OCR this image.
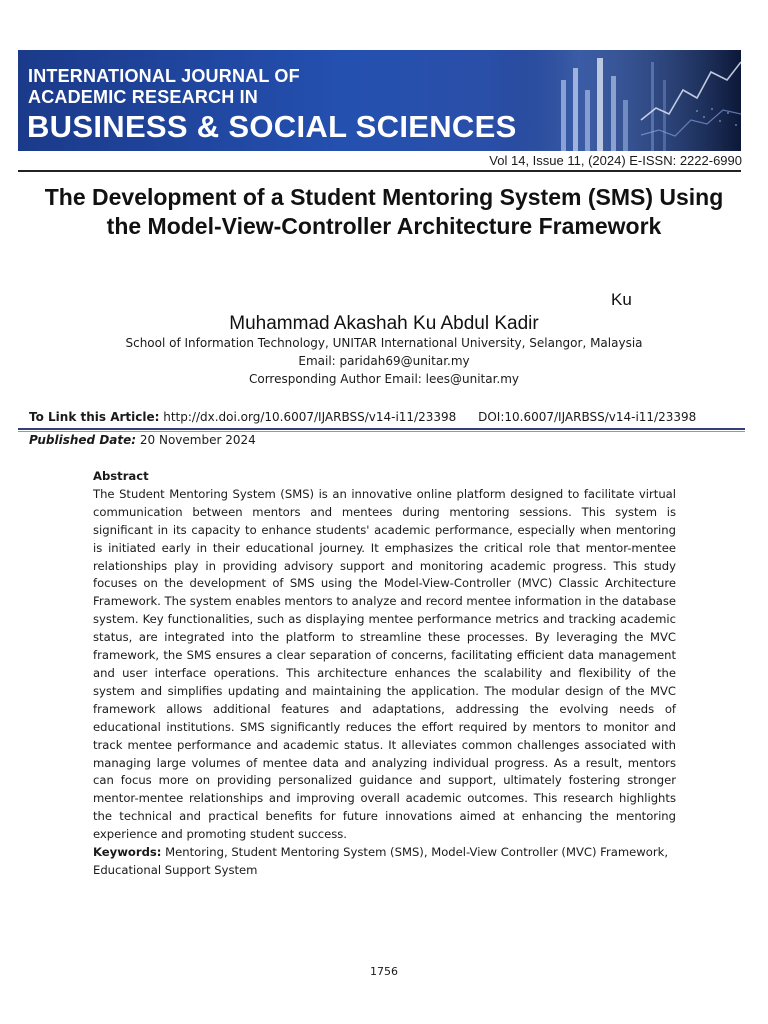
INTERNATIONAL JOURNAL OF
ACADEMIC RESEARCH IN
BUSINESS & SOCIAL SCIENCES
Vol 14, Issue 11, (2024) E-ISSN: 2222-6990
The Development of a Student Mentoring System (SMS) Using the Model-View-Controller Architecture Framework
Ku
Muhammad Akashah Ku Abdul Kadir
School of Information Technology, UNITAR International University, Selangor, Malaysia
Email: paridah69@unitar.my
Corresponding Author Email: lees@unitar.my
To Link this Article: http://dx.doi.org/10.6007/IJARBSS/v14-i11/23398 DOI:10.6007/IJARBSS/v14-i11/23398
Published Date: 20 November 2024
Abstract

The Student Mentoring System (SMS) is an innovative online platform designed to facilitate virtual communication between mentors and mentees during mentoring sessions. This system is significant in its capacity to enhance students' academic performance, especially when mentoring is initiated early in their educational journey. It emphasizes the critical role that mentor-mentee relationships play in providing advisory support and monitoring academic progress. This study focuses on the development of SMS using the Model-View-Controller (MVC) Classic Architecture Framework. The system enables mentors to analyze and record mentee information in the database system. Key functionalities, such as displaying mentee performance metrics and tracking academic status, are integrated into the platform to streamline these processes. By leveraging the MVC framework, the SMS ensures a clear separation of concerns, facilitating efficient data management and user interface operations. This architecture enhances the scalability and flexibility of the system and simplifies updating and maintaining the application. The modular design of the MVC framework allows additional features and adaptations, addressing the evolving needs of educational institutions. SMS significantly reduces the effort required by mentors to monitor and track mentee performance and academic status. It alleviates common challenges associated with managing large volumes of mentee data and analyzing individual progress. As a result, mentors can focus more on providing personalized guidance and support, ultimately fostering stronger mentor-mentee relationships and improving overall academic outcomes. This research highlights the technical and practical benefits for future innovations aimed at enhancing the mentoring experience and promoting student success.

Keywords: Mentoring, Student Mentoring System (SMS), Model-View Controller (MVC) Framework, Educational Support System
1756
